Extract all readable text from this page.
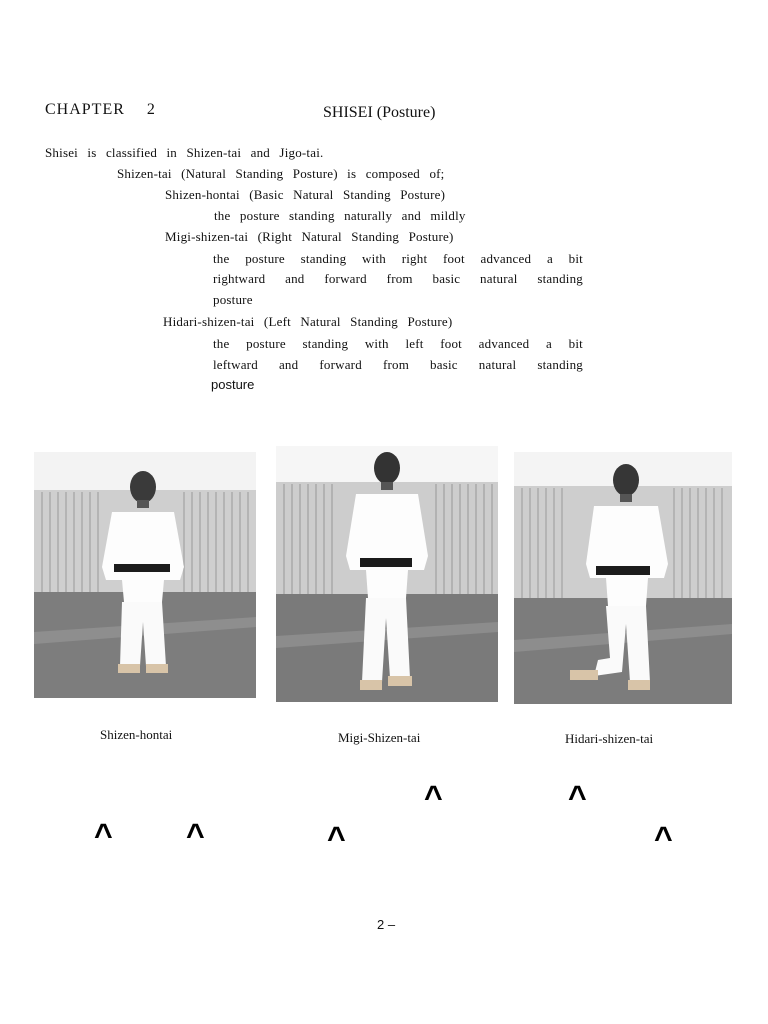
CHAPTER 2	SHISEI (Posture)
Shisei is classified in Shizen-tai and Jigo-tai.
Shizen-tai (Natural Standing Posture) is composed of;
Shizen-hontai (Basic Natural Standing Posture)
the posture standing naturally and mildly
Migi-shizen-tai (Right Natural Standing Posture)
the posture standing with right foot advanced a bit
rightward and forward from basic natural standing
posture
Hidari-shizen-tai (Left Natural Standing Posture)
the posture standing with left foot advanced a bit
leftward and forward from basic natural standing
posture
Shizen-hontai	Migi-Shizen-tai	Hidari-shizen-tai
^	^
^ ^	^	^
2 –
